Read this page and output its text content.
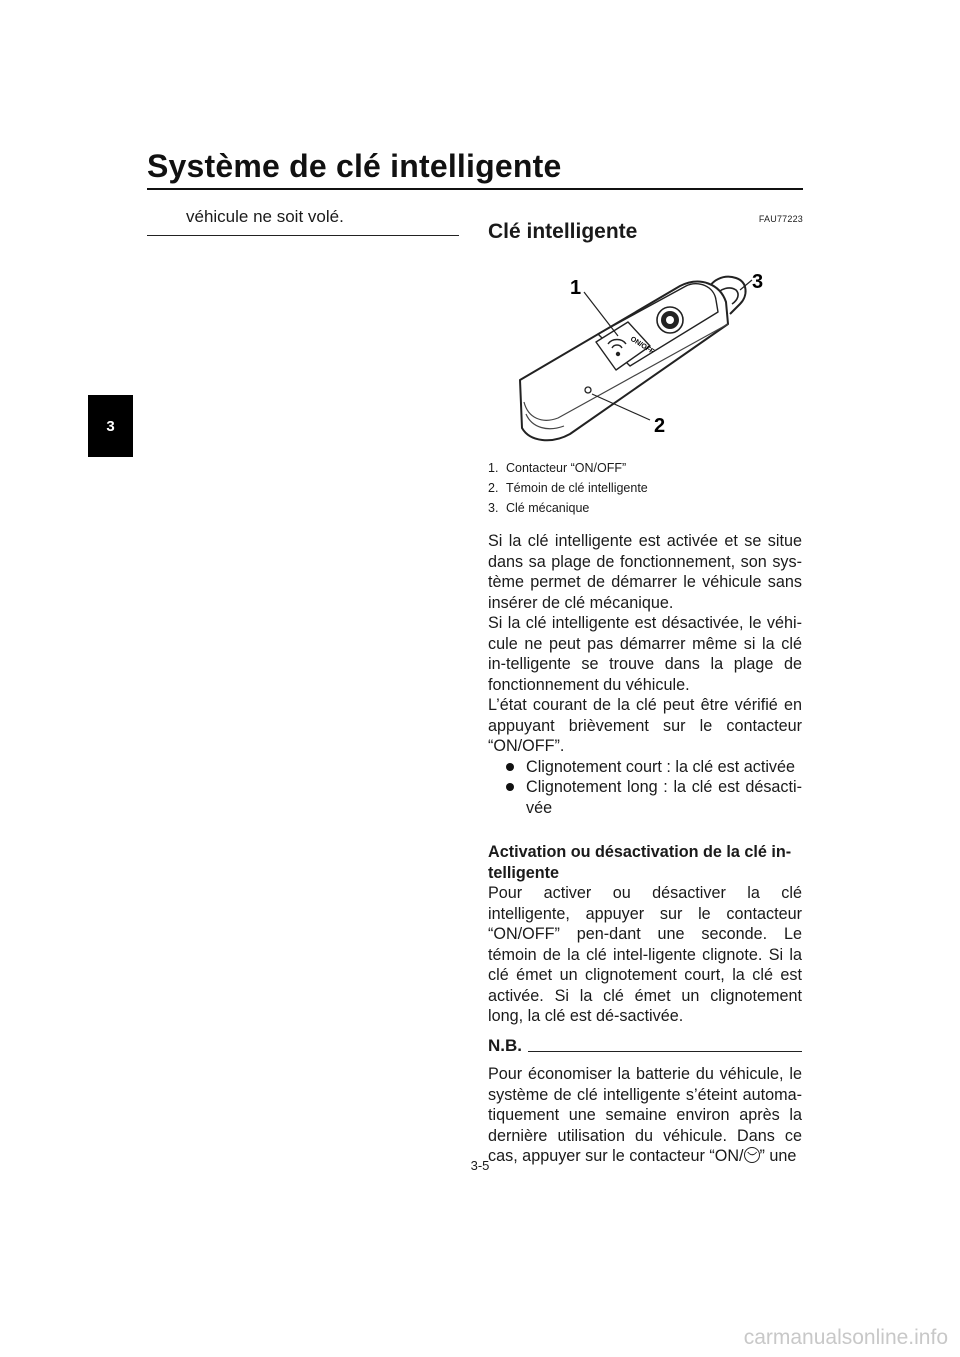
Système de clé intelligente
3
véhicule ne soit volé.	FAU77223
Clé intelligente
ON/OFF
1
2
3
1. Contacteur “ON/OFF”
2. Témoin de clé intelligente
3. Clé mécanique

Si la clé intelligente est activée et se situe dans sa plage de fonctionnement, son sys-tème permet de démarrer le véhicule sans insérer de clé mécanique.

Si la clé intelligente est désactivée, le véhi-cule ne peut pas démarrer même si la clé in-telligente se trouve dans la plage de fonctionnement du véhicule.

L’état courant de la clé peut être vérifié en appuyant brièvement sur le contacteur “ON/OFF”.

Clignotement court : la clé est activée
Clignotement long : la clé est désacti-vée

Activation ou désactivation de la clé in-telligente

Pour activer ou désactiver la clé intelligente, appuyer sur le contacteur “ON/OFF” pen-dant une seconde. Le témoin de la clé intel-ligente clignote. Si la clé émet un clignotement court, la clé est activée. Si la clé émet un clignotement long, la clé est dé-sactivée.

N.B.

Pour économiser la batterie du véhicule, le système de clé intelligente s’éteint automa-tiquement une semaine environ après la dernière utilisation du véhicule. Dans ce cas, appuyer sur le contacteur “ON/ ” une

3-5
carmanualsonline.info
